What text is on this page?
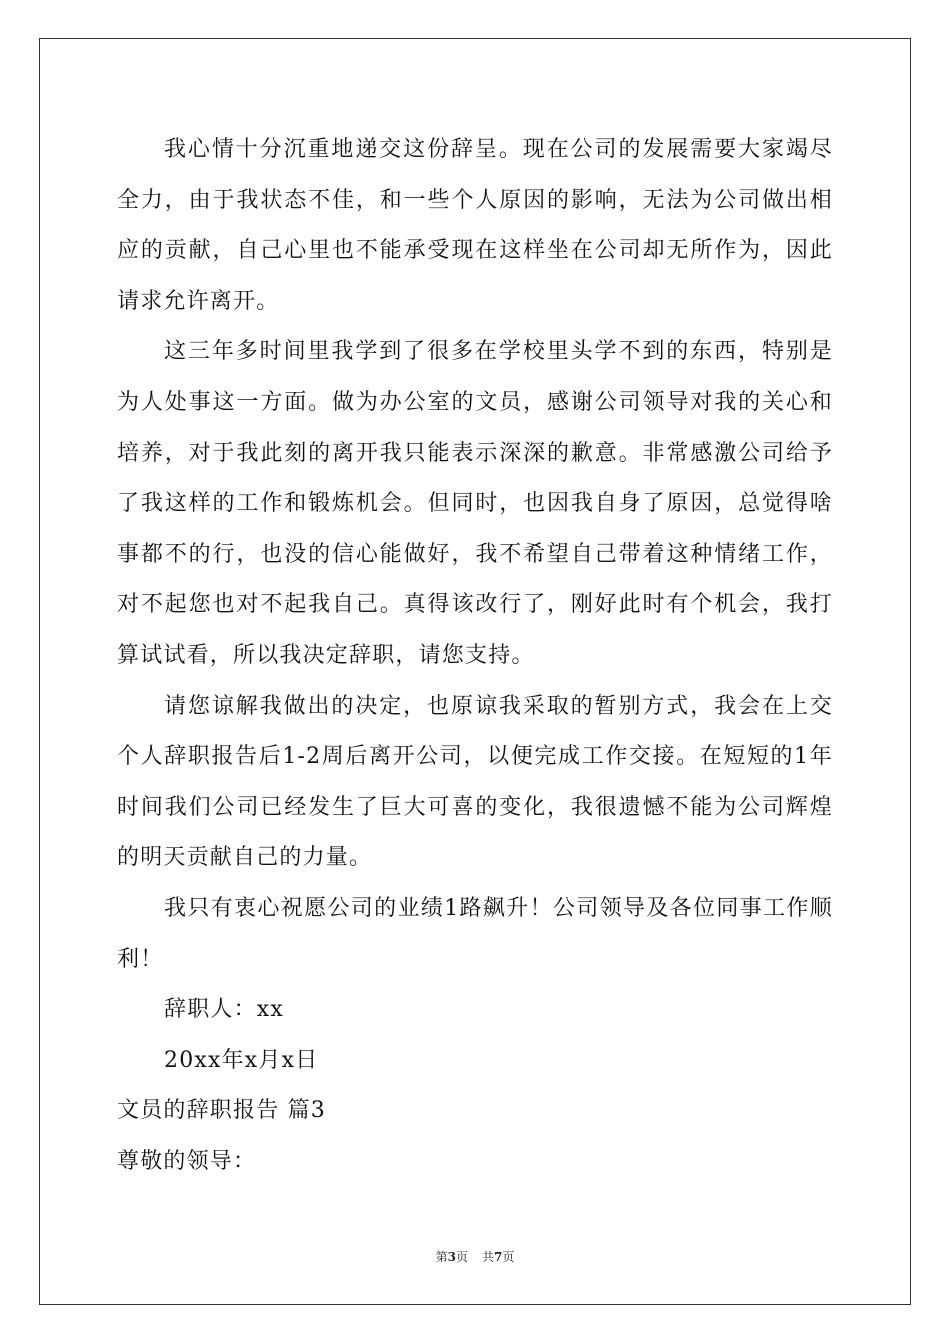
我心情十分沉重地递交这份辞呈。现在公司的发展需要大家竭尽全力，由于我状态不佳，和一些个人原因的影响，无法为公司做出相应的贡献，自己心里也不能承受现在这样坐在公司却无所作为，因此请求允许离开。

这三年多时间里我学到了很多在学校里头学不到的东西，特别是为人处事这一方面。做为办公室的文员，感谢公司领导对我的关心和培养，对于我此刻的离开我只能表示深深的歉意。非常感激公司给予了我这样的工作和锻炼机会。但同时，也因我自身了原因，总觉得啥事都不的行，也没的信心能做好，我不希望自己带着这种情绪工作，对不起您也对不起我自己。真得该改行了，刚好此时有个机会，我打算试试看，所以我决定辞职，请您支持。

请您谅解我做出的决定，也原谅我采取的暂别方式，我会在上交个人辞职报告后1-2周后离开公司，以便完成工作交接。在短短的1年时间我们公司已经发生了巨大可喜的变化，我很遗憾不能为公司辉煌的明天贡献自己的力量。

我只有衷心祝愿公司的业绩1路飙升！公司领导及各位同事工作顺利！

辞职人：xx

20xx年x月x日

文员的辞职报告 篇3

尊敬的领导：

第3页 共7页
